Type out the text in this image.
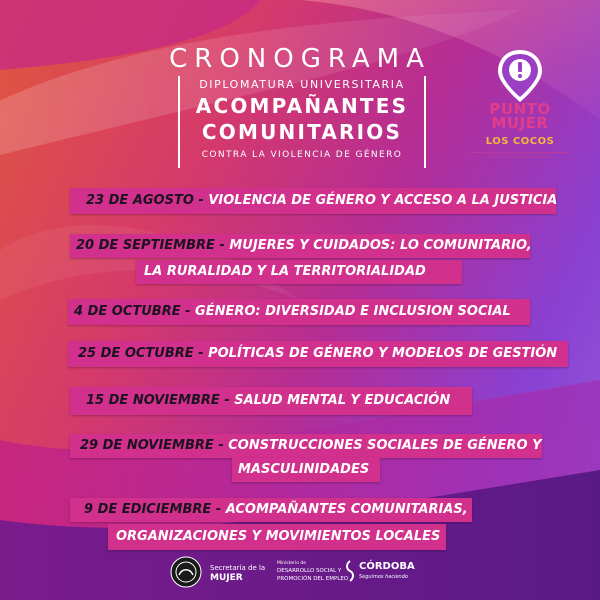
CRONOGRAMA
DIPLOMATURA UNIVERSITARIA
ACOMPAÑANTES
COMUNITARIOS
CONTRA LA VIOLENCIA DE GÉNERO
PUNTO
MUJER
LOS COCOS
LÍNEA DE VIOLENCIA DE GÉNERO
23 DE AGOSTO - VIOLENCIA DE GÉNERO Y ACCESO A LA JUSTICIA
20 DE SEPTIEMBRE - MUJERES Y CUIDADOS: LO COMUNITARIO,
LA RURALIDAD Y LA TERRITORIALIDAD
4 DE OCTUBRE - GÉNERO: DIVERSIDAD E INCLUSION SOCIAL
25 DE OCTUBRE - POLÍTICAS DE GÉNERO Y MODELOS DE GESTIÓN
15 DE NOVIEMBRE - SALUD MENTAL Y EDUCACIÓN
29 DE NOVIEMBRE - CONSTRUCCIONES SOCIALES DE GÉNERO Y
MASCULINIDADES
9 DE EDICIEMBRE - ACOMPAÑANTES COMUNITARIAS,
ORGANIZACIONES Y MOVIMIENTOS LOCALES
Secretaría de la
MUJER
Ministerio de
DESARROLLO SOCIAL Y
PROMOCIÓN DEL EMPLEO
CÓRDOBA
Seguimos haciendo
